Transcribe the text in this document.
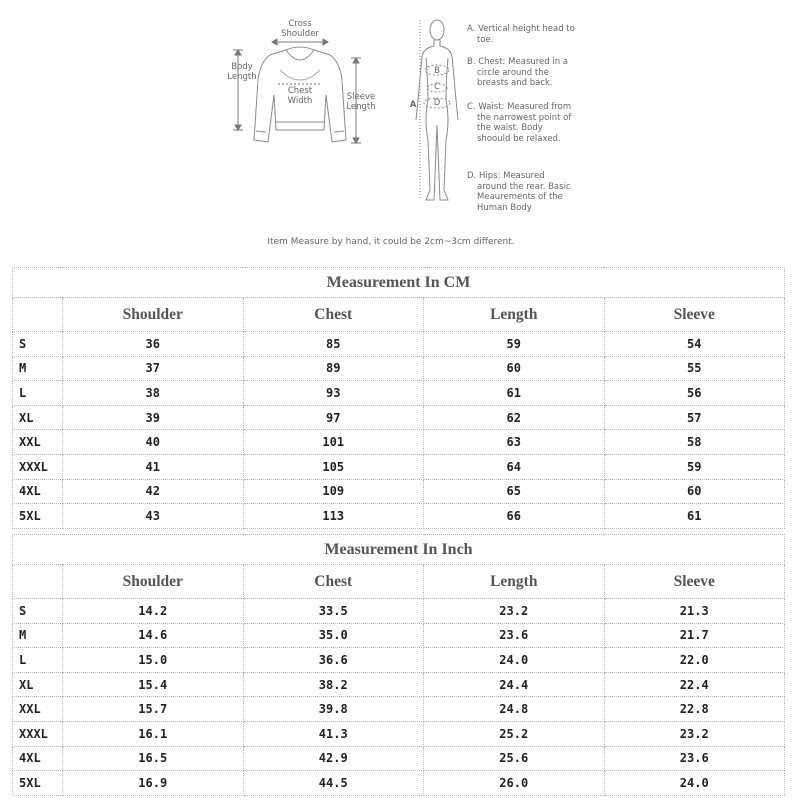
Cross
Shoulder
Body
Length
Chest
Width	Sleeve
Length	A
B
C
D
A. Vertical height head to toe.
B. Chest: Measured in a circle around the breasts and back.
C. Waist: Measured from the narrowest point of the waist. Body shoould be relaxed.
D. Hips: Measured around the rear. Basic Meaurements of the Human Body
Item Measure by hand, it could be 2cm~3cm different.
Measurement In CM				
	Shoulder	Chest	Length	Sleeve
S	36	85	59	54
M	37	89	60	55
L	38	93	61	56
XL	39	97	62	57
XXL	40	101	63	58
XXXL	41	105	64	59
4XL	42	109	65	60
5XL	43	113	66	61
Measurement In Inch				
	Shoulder	Chest	Length	Sleeve
S	14.2	33.5	23.2	21.3
M	14.6	35.0	23.6	21.7
L	15.0	36.6	24.0	22.0
XL	15.4	38.2	24.4	22.4
XXL	15.7	39.8	24.8	22.8
XXXL	16.1	41.3	25.2	23.2
4XL	16.5	42.9	25.6	23.6
5XL	16.9	44.5	26.0	24.0
